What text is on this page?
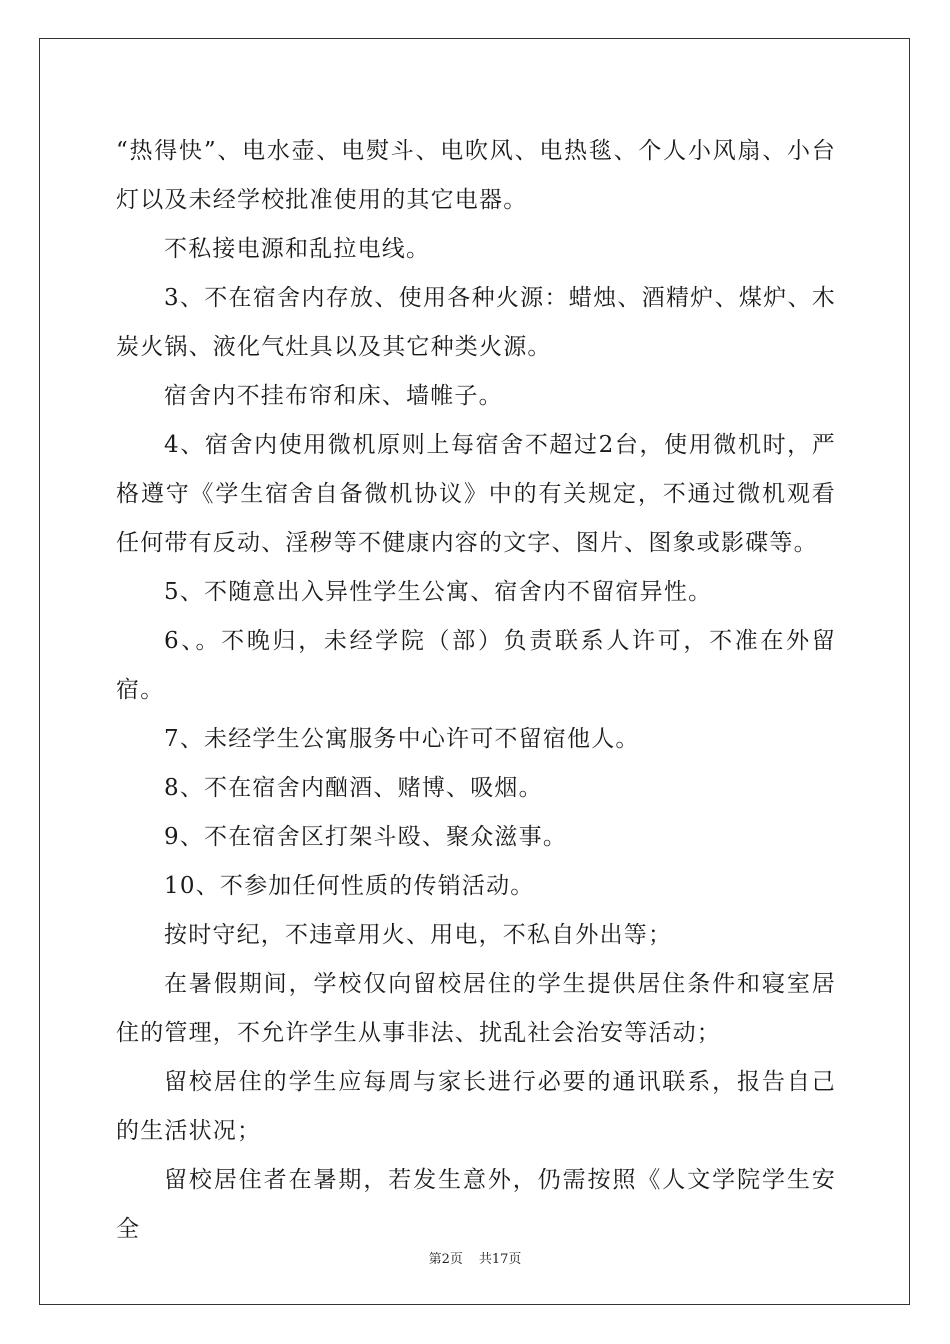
“热得快”、电水壶、电熨斗、电吹风、电热毯、个人小风扇、小台灯以及未经学校批准使用的其它电器。

不私接电源和乱拉电线。

3、不在宿舍内存放、使用各种火源：蜡烛、酒精炉、煤炉、木炭火锅、液化气灶具以及其它种类火源。

宿舍内不挂布帘和床、墙帷子。

4、宿舍内使用微机原则上每宿舍不超过2台，使用微机时，严格遵守《学生宿舍自备微机协议》中的有关规定，不通过微机观看任何带有反动、淫秽等不健康内容的文字、图片、图象或影碟等。

5、不随意出入异性学生公寓、宿舍内不留宿异性。

6、。不晚归，未经学院（部）负责联系人许可，不准在外留宿。

7、未经学生公寓服务中心许可不留宿他人。

8、不在宿舍内酗酒、赌博、吸烟。

9、不在宿舍区打架斗殴、聚众滋事。

10、不参加任何性质的传销活动。

按时守纪，不违章用火、用电，不私自外出等；

在暑假期间，学校仅向留校居住的学生提供居住条件和寝室居住的管理，不允许学生从事非法、扰乱社会治安等活动；

留校居住的学生应每周与家长进行必要的通讯联系，报告自己的生活状况；

留校居住者在暑期，若发生意外，仍需按照《人文学院学生安全

第2页 共17页
